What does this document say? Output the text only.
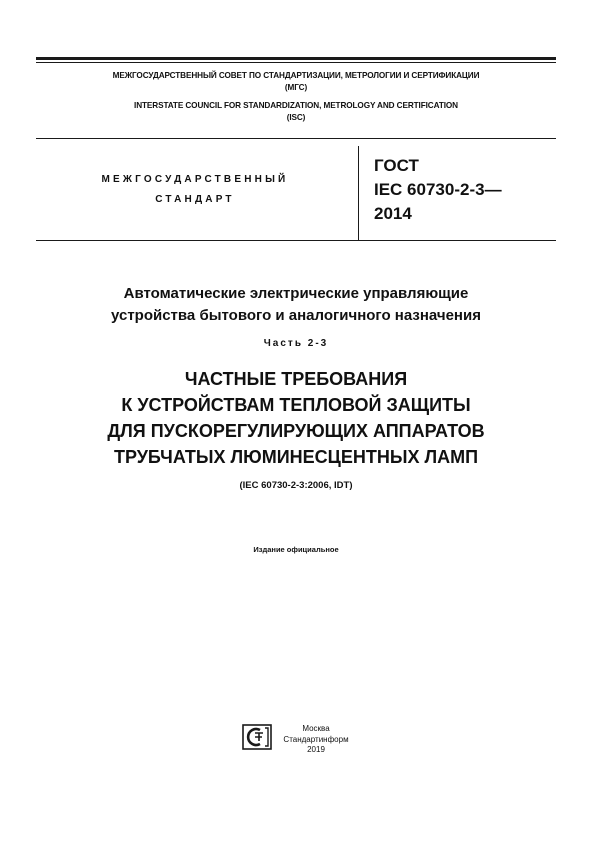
МЕЖГОСУДАРСТВЕННЫЙ СОВЕТ ПО СТАНДАРТИЗАЦИИ, МЕТРОЛОГИИ И СЕРТИФИКАЦИИ
(МГС)
INTERSTATE COUNCIL FOR STANDARDIZATION, METROLOGY AND CERTIFICATION
(ISC)
МЕЖГОСУДАРСТВЕННЫЙ
СТАНДАРТ
ГОСТ
IEC 60730-2-3—
2014
Автоматические электрические управляющие
устройства бытового и аналогичного назначения
Часть 2-3
ЧАСТНЫЕ ТРЕБОВАНИЯ
К УСТРОЙСТВАМ ТЕПЛОВОЙ ЗАЩИТЫ
ДЛЯ ПУСКОРЕГУЛИРУЮЩИХ АППАРАТОВ
ТРУБЧАТЫХ ЛЮМИНЕСЦЕНТНЫХ ЛАМП
(IEC 60730-2-3:2006, IDT)
Издание официальное
Москва
Стандартинформ
2019
